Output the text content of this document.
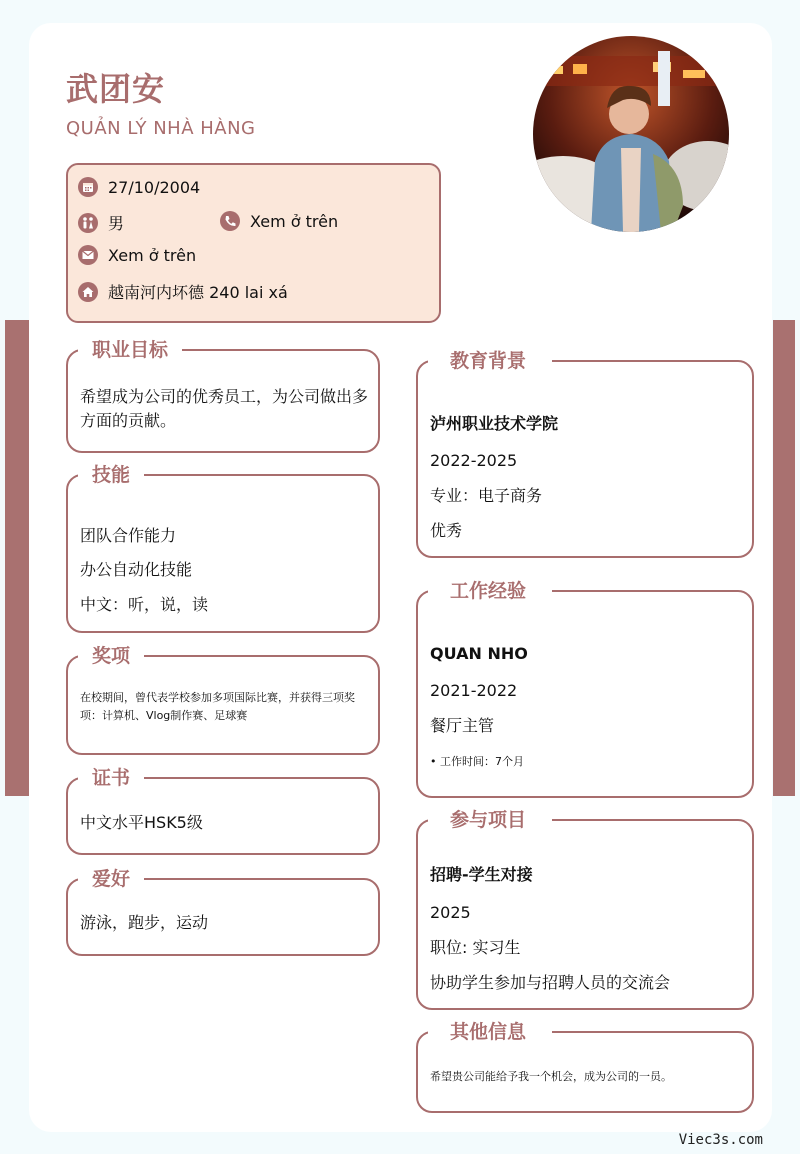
武团安
QUẢN LÝ NHÀ HÀNG
27/10/2004
男	Xem ở trên
Xem ở trên
越南河内坏德 240 lai xá
职业目标
希望成为公司的优秀员工，为公司做出多方面的贡献。
技能
团队合作能力
办公自动化技能
中文：听，说，读
奖项
在校期间，曾代表学校参加多项国际比赛，并获得三项奖项：计算机、Vlog制作赛、足球赛
证书
中文水平HSK5级
爱好
游泳，跑步，运动
教育背景
泸州职业技术学院
2022-2025
专业：电子商务
优秀
工作经验
QUAN NHO
2021-2022
餐厅主管
• 工作时间：7个月
参与项目
招聘-学生对接
2025
职位: 实习生
协助学生参加与招聘人员的交流会
其他信息
希望贵公司能给予我一个机会，成为公司的一员。
Viec3s.com
